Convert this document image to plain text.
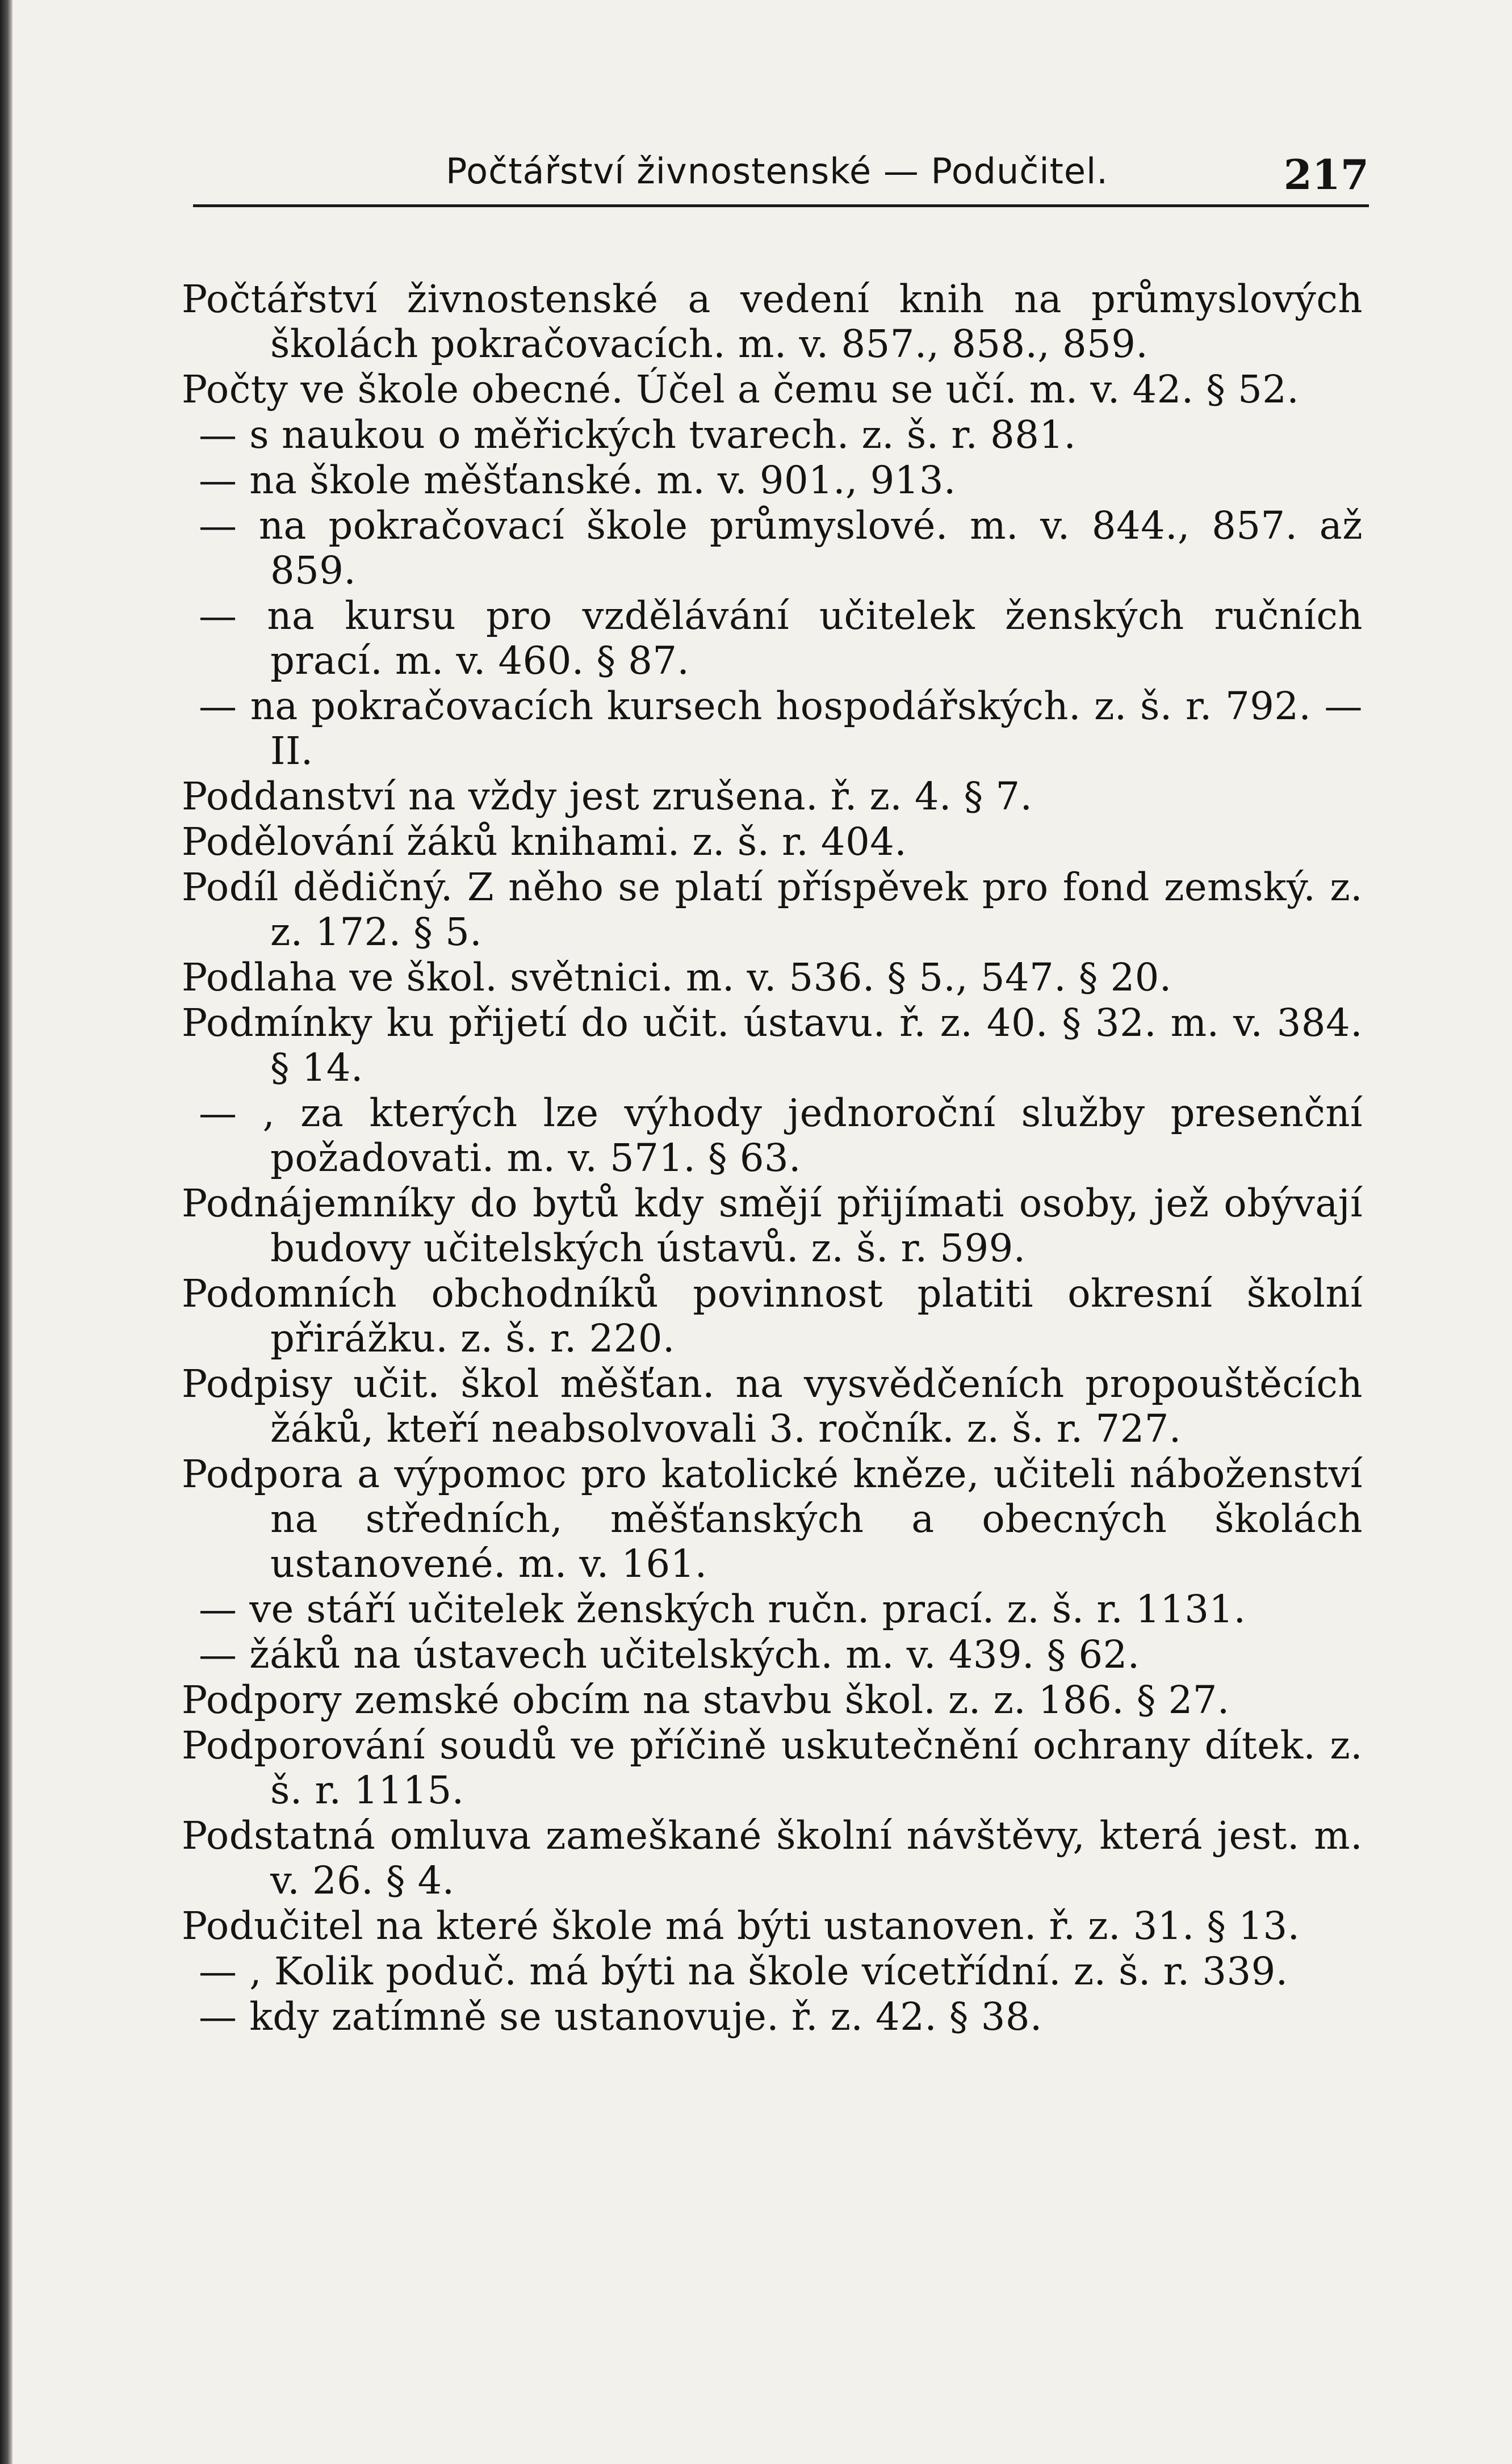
Počtářství živnostenské — Podučitel.	217
Počtářství živnostenské a vedení knih na průmyslových školách pokračovacích. m. v. 857., 858., 859.
Počty ve škole obecné. Účel a čemu se učí. m. v. 42. § 52.
— s naukou o měřických tvarech. z. š. r. 881.
— na škole měšťanské. m. v. 901., 913.
— na pokračovací škole průmyslové. m. v. 844., 857. až 859.
— na kursu pro vzdělávání učitelek ženských ručních prací. m. v. 460. § 87.
— na pokračovacích kursech hospodářských. z. š. r. 792. — II.
Poddanství na vždy jest zrušena. ř. z. 4. § 7.
Podělování žáků knihami. z. š. r. 404.
Podíl dědičný. Z něho se platí příspěvek pro fond zemský. z. z. 172. § 5.
Podlaha ve škol. světnici. m. v. 536. § 5., 547. § 20.
Podmínky ku přijetí do učit. ústavu. ř. z. 40. § 32. m. v. 384. § 14.
— , za kterých lze výhody jednoroční služby presenční požadovati. m. v. 571. § 63.
Podnájemníky do bytů kdy smějí přijímati osoby, jež obývají budovy učitelských ústavů. z. š. r. 599.
Podomních obchodníků povinnost platiti okresní školní přirážku. z. š. r. 220.
Podpisy učit. škol měšťan. na vysvědčeních propouštěcích žáků, kteří neabsolvovali 3. ročník. z. š. r. 727.
Podpora a výpomoc pro katolické kněze, učiteli náboženství na středních, měšťanských a obecných školách ustanovené. m. v. 161.
— ve stáří učitelek ženských ručn. prací. z. š. r. 1131.
— žáků na ústavech učitelských. m. v. 439. § 62.
Podpory zemské obcím na stavbu škol. z. z. 186. § 27.
Podporování soudů ve příčině uskutečnění ochrany dítek. z. š. r. 1115.
Podstatná omluva zameškané školní návštěvy, která jest. m. v. 26. § 4.
Podučitel na které škole má býti ustanoven. ř. z. 31. § 13.
— , Kolik poduč. má býti na škole vícetřídní. z. š. r. 339.
— kdy zatímně se ustanovuje. ř. z. 42. § 38.
